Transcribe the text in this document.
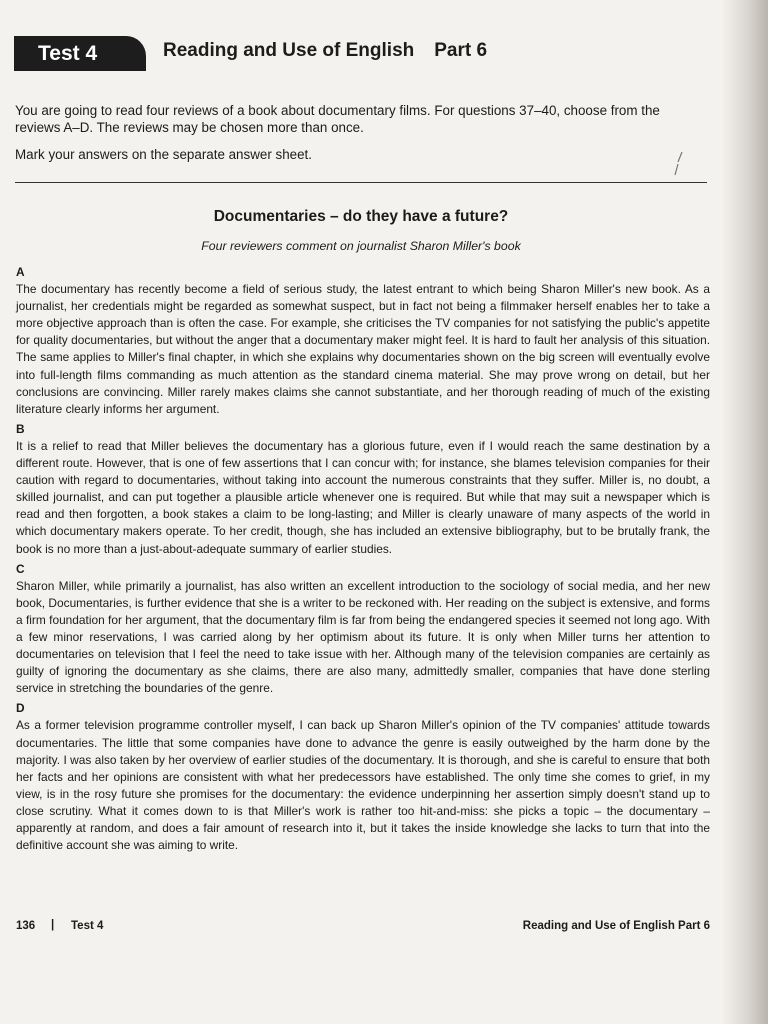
Test 4	Reading and Use of English Part 6

You are going to read four reviews of a book about documentary films. For questions 37–40, choose from the reviews A–D. The reviews may be chosen more than once.

Mark your answers on the separate answer sheet.

Documentaries – do they have a future?
Four reviewers comment on journalist Sharon Miller's book
A

The documentary has recently become a field of serious study, the latest entrant to which being Sharon Miller's new book. As a journalist, her credentials might be regarded as somewhat suspect, but in fact not being a filmmaker herself enables her to take a more objective approach than is often the case. For example, she criticises the TV companies for not satisfying the public's appetite for quality documentaries, but without the anger that a documentary maker might feel. It is hard to fault her analysis of this situation. The same applies to Miller's final chapter, in which she explains why documentaries shown on the big screen will eventually evolve into full-length films commanding as much attention as the standard cinema material. She may prove wrong on detail, but her conclusions are convincing. Miller rarely makes claims she cannot substantiate, and her thorough reading of much of the existing literature clearly informs her argument.

B

It is a relief to read that Miller believes the documentary has a glorious future, even if I would reach the same destination by a different route. However, that is one of few assertions that I can concur with; for instance, she blames television companies for their caution with regard to documentaries, without taking into account the numerous constraints that they suffer. Miller is, no doubt, a skilled journalist, and can put together a plausible article whenever one is required. But while that may suit a newspaper which is read and then forgotten, a book stakes a claim to be long-lasting; and Miller is clearly unaware of many aspects of the world in which documentary makers operate. To her credit, though, she has included an extensive bibliography, but to be brutally frank, the book is no more than a just-about-adequate summary of earlier studies.

C

Sharon Miller, while primarily a journalist, has also written an excellent introduction to the sociology of social media, and her new book, Documentaries, is further evidence that she is a writer to be reckoned with. Her reading on the subject is extensive, and forms a firm foundation for her argument, that the documentary film is far from being the endangered species it seemed not long ago. With a few minor reservations, I was carried along by her optimism about its future. It is only when Miller turns her attention to documentaries on television that I feel the need to take issue with her. Although many of the television companies are certainly as guilty of ignoring the documentary as she claims, there are also many, admittedly smaller, companies that have done sterling service in stretching the boundaries of the genre.

D

As a former television programme controller myself, I can back up Sharon Miller's opinion of the TV companies' attitude towards documentaries. The little that some companies have done to advance the genre is easily outweighed by the harm done by the majority. I was also taken by her overview of earlier studies of the documentary. It is thorough, and she is careful to ensure that both her facts and her opinions are consistent with what her predecessors have established. The only time she comes to grief, in my view, is in the rosy future she promises for the documentary: the evidence underpinning her assertion simply doesn't stand up to close scrutiny. What it comes down to is that Miller's work is rather too hit-and-miss: she picks a topic – the documentary – apparently at random, and does a fair amount of research into it, but it takes the inside knowledge she lacks to turn that into the definitive account she was aiming to write.

136 | Test 4	Reading and Use of English Part 6
